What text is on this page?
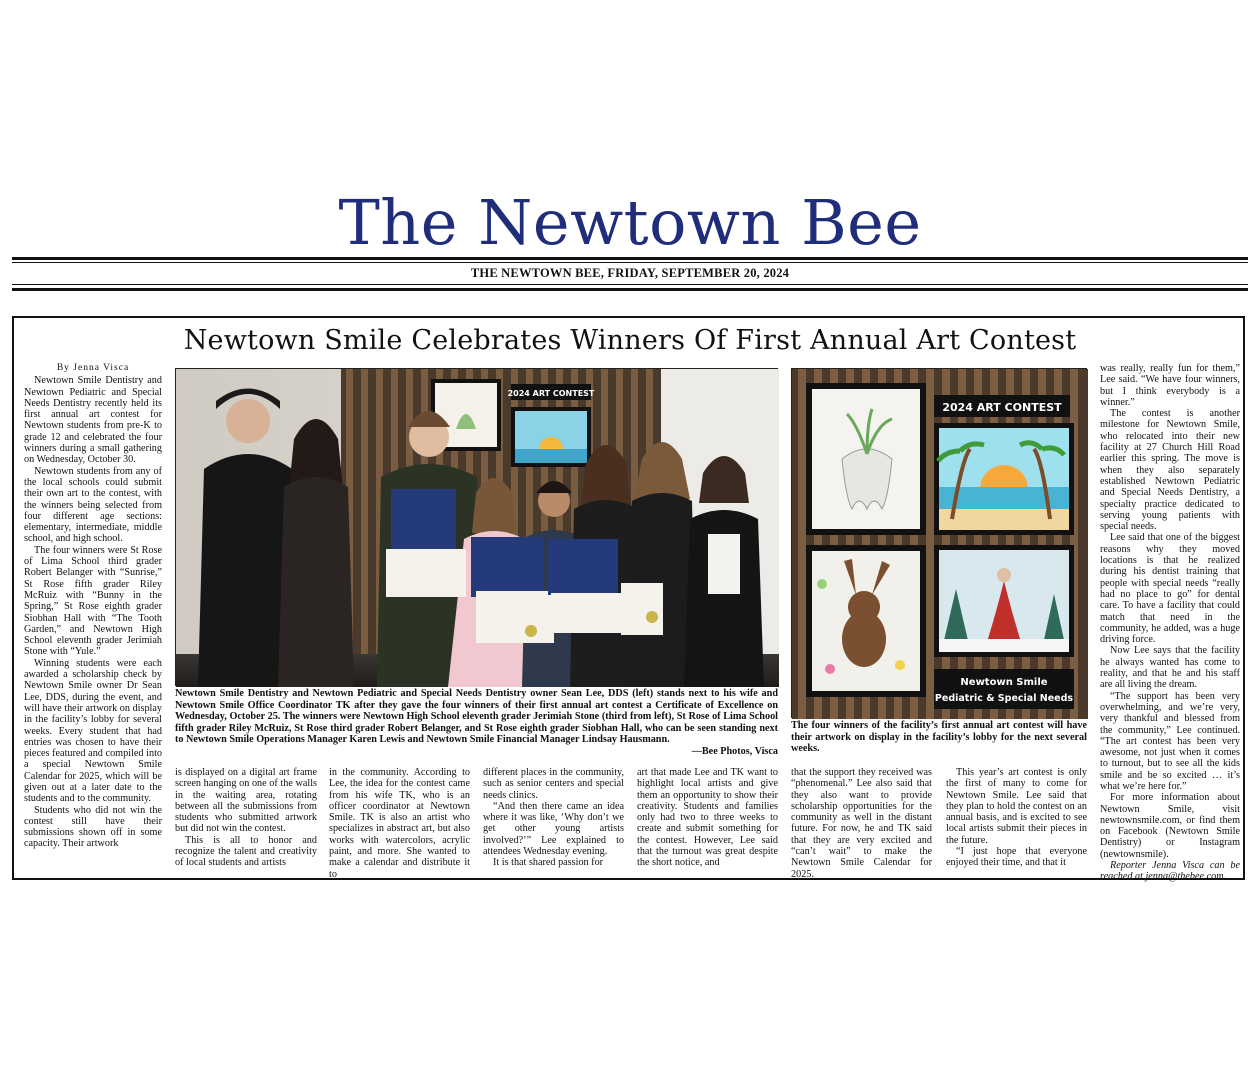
The Newtown Bee
THE NEWTOWN BEE, FRIDAY, SEPTEMBER 20, 2024
Newtown Smile Celebrates Winners Of First Annual Art Contest
By Jenna Visca

Newtown Smile Dentistry and Newtown Pediatric and Special Needs Dentistry recently held its first annual art contest for Newtown students from pre-K to grade 12 and celebrated the four winners during a small gathering on Wednesday, October 30.

Newtown students from any of the local schools could submit their own art to the contest, with the winners being selected from four different age sections: elementary, intermediate, middle school, and high school.

The four winners were St Rose of Lima School third grader Robert Belanger with “Sunrise,” St Rose fifth grader Riley McRuiz with “Bunny in the Spring,” St Rose eighth grader Siobhan Hall with “The Tooth Garden,” and Newtown High School eleventh grader Jerimiah Stone with “Yule.”

Winning students were each awarded a scholarship check by Newtown Smile owner Dr Sean Lee, DDS, during the event, and will have their artwork on display in the facility’s lobby for several weeks. Every student that had entries was chosen to have their pieces featured and compiled into a special Newtown Smile Calendar for 2025, which will be given out at a later date to the students and to the community.

Students who did not win the contest still have their submissions shown off in some capacity. Their artwork

2024 ART CONTEST
Newtown Smile Dentistry and Newtown Pediatric and Special Needs Dentistry owner Sean Lee, DDS (left) stands next to his wife and Newtown Smile Office Coordinator TK after they gave the four winners of their first annual art contest a Certificate of Excellence on Wednesday, October 25. The winners were Newtown High School eleventh grader Jerimiah Stone (third from left), St Rose of Lima School fifth grader Riley McRuiz, St Rose third grader Robert Belanger, and St Rose eighth grader Siobhan Hall, who can be seen standing next to Newtown Smile Operations Manager Karen Lewis and Newtown Smile Financial Manager Lindsay Hausmann.
—Bee Photos, Visca
2024 ART CONTEST
Newtown Smile
Pediatric & Special Needs
The four winners of the facility’s first annual art contest will have their artwork on display in the facility’s lobby for the next several weeks.

is displayed on a digital art frame screen hanging on one of the walls in the waiting area, rotating between all the submissions from students who submitted artwork but did not win the contest.

This is all to honor and recognize the talent and creativity of local students and artists

in the community. According to Lee, the idea for the contest came from his wife TK, who is an officer coordinator at Newtown Smile. TK is also an artist who specializes in abstract art, but also works with watercolors, acrylic paint, and more. She wanted to make a calendar and distribute it to

different places in the community, such as senior centers and special needs clinics.

“And then there came an idea where it was like, ‘Why don’t we get other young artists involved?’” Lee explained to attendees Wednesday evening.

It is that shared passion for

art that made Lee and TK want to highlight local artists and give them an opportunity to show their creativity. Students and families only had two to three weeks to create and submit something for the contest. However, Lee said that the turnout was great despite the short notice, and

that the support they received was “phenomenal.” Lee also said that they also want to provide scholarship opportunities for the community as well in the distant future. For now, he and TK said that they are very excited and “can’t wait” to make the Newtown Smile Calendar for 2025.

This year’s art contest is only the first of many to come for Newtown Smile. Lee said that they plan to hold the contest on an annual basis, and is excited to see local artists submit their pieces in the future.

“I just hope that everyone enjoyed their time, and that it

was really, really fun for them,” Lee said. “We have four winners, but I think everybody is a winner.”

The contest is another milestone for Newtown Smile, who relocated into their new facility at 27 Church Hill Road earlier this spring. The move is when they also separately established Newtown Pediatric and Special Needs Dentistry, a specialty practice dedicated to serving young patients with special needs.

Lee said that one of the biggest reasons why they moved locations is that he realized during his dentist training that people with special needs “really had no place to go” for dental care. To have a facility that could match that need in the community, he added, was a huge driving force.

Now Lee says that the facility he always wanted has come to reality, and that he and his staff are all living the dream.

“The support has been very overwhelming, and we’re very, very thankful and blessed from the community,” Lee continued. “The art contest has been very awesome, not just when it comes to turnout, but to see all the kids smile and be so excited … it’s what we’re here for.”

For more information about Newtown Smile, visit newtownsmile.com, or find them on Facebook (Newtown Smile Dentistry) or Instagram (newtownsmile).

Reporter Jenna Visca can be reached at jenna@thebee.com.
